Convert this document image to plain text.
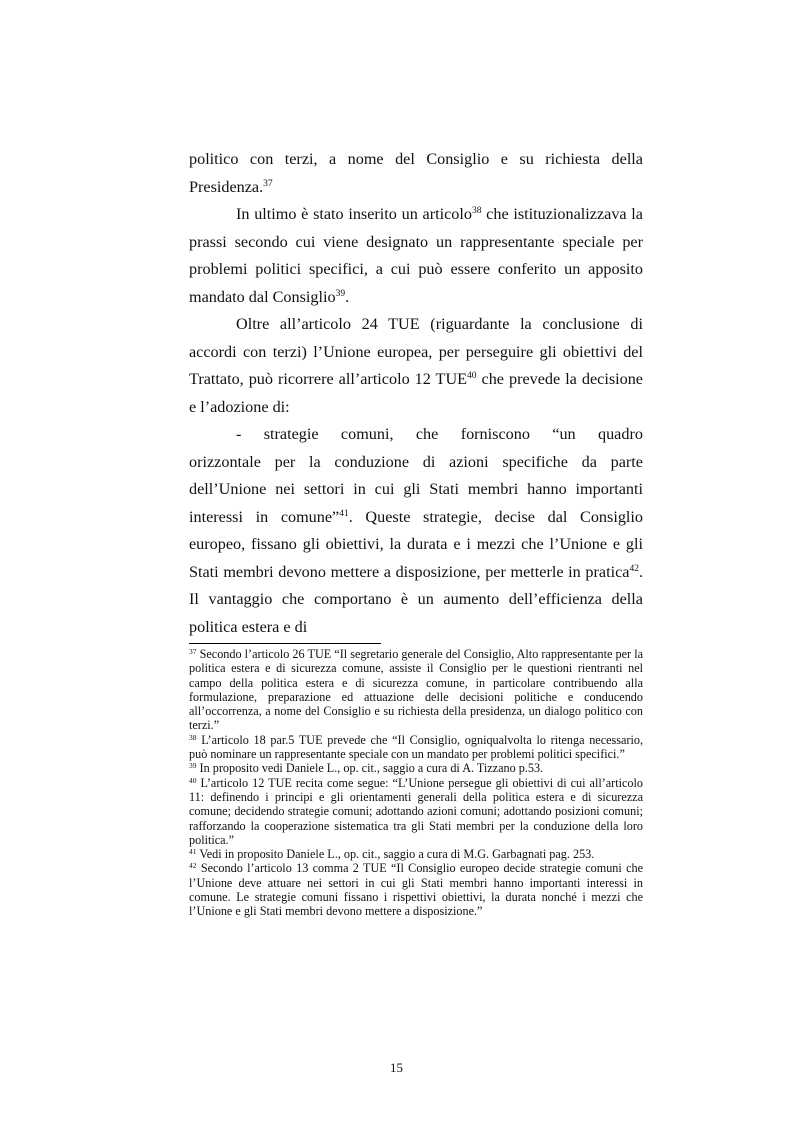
politico con terzi, a nome del Consiglio e su richiesta della Presidenza.$^{37}$

In ultimo è stato inserito un articolo$^{38}$ che istituzionalizzava la prassi secondo cui viene designato un rappresentante speciale per problemi politici specifici, a cui può essere conferito un apposito mandato dal Consiglio$^{39}$.

Oltre all’articolo 24 TUE (riguardante la conclusione di accordi con terzi) l’Unione europea, per perseguire gli obiettivi del Trattato, può ricorrere all’articolo 12 TUE$^{40}$ che prevede la decisione e l’adozione di:

- strategie comuni, che forniscono “un quadro

orizzontale per la conduzione di azioni specifiche da parte dell’Unione nei settori in cui gli Stati membri hanno importanti interessi in comune”$^{41}$. Queste strategie, decise dal Consiglio europeo, fissano gli obiettivi, la durata e i mezzi che l’Unione e gli Stati membri devono mettere a disposizione, per metterle in pratica$^{42}$. Il vantaggio che comportano è un aumento dell’efficienza della politica estera e di

$^{37}$ Secondo l’articolo 26 TUE “Il segretario generale del Consiglio, Alto rappresentante per la politica estera e di sicurezza comune, assiste il Consiglio per le questioni rientranti nel campo della politica estera e di sicurezza comune, in particolare contribuendo alla formulazione, preparazione ed attuazione delle decisioni politiche e conducendo all’occorrenza, a nome del Consiglio e su richiesta della presidenza, un dialogo politico con terzi.”

$^{38}$ L’articolo 18 par.5 TUE prevede che “Il Consiglio, ogniqualvolta lo ritenga necessario, può nominare un rappresentante speciale con un mandato per problemi politici specifici.”

$^{39}$ In proposito vedi Daniele L., op. cit., saggio a cura di A. Tizzano p.53.

$^{40}$ L’articolo 12 TUE recita come segue: “L’Unione persegue gli obiettivi di cui all’articolo 11: definendo i principi e gli orientamenti generali della politica estera e di sicurezza comune; decidendo strategie comuni; adottando azioni comuni; adottando posizioni comuni; rafforzando la cooperazione sistematica tra gli Stati membri per la conduzione della loro politica.”

$^{41}$ Vedi in proposito Daniele L., op. cit., saggio a cura di M.G. Garbagnati pag. 253.

$^{42}$ Secondo l’articolo 13 comma 2 TUE “Il Consiglio europeo decide strategie comuni che l’Unione deve attuare nei settori in cui gli Stati membri hanno importanti interessi in comune. Le strategie comuni fissano i rispettivi obiettivi, la durata nonché i mezzi che l’Unione e gli Stati membri devono mettere a disposizione.”

15
